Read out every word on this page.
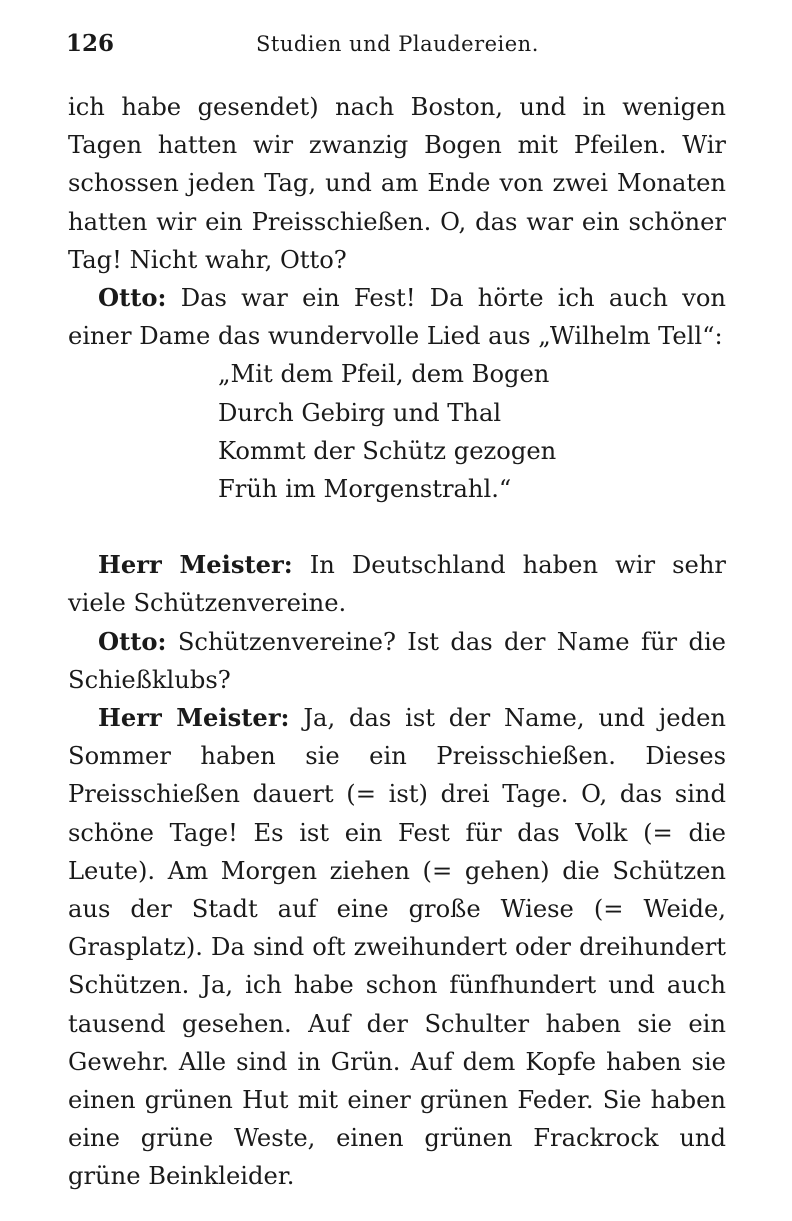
126	Studien und Plaudereien.

ich habe gesendet) nach Boston, und in wenigen Tagen hatten wir zwanzig Bogen mit Pfeilen. Wir schossen jeden Tag, und am Ende von zwei Monaten hatten wir ein Preisschießen. O, das war ein schöner Tag! Nicht wahr, Otto?

Otto: Das war ein Fest! Da hörte ich auch von einer Dame das wundervolle Lied aus „Wilhelm Tell“:

„Mit dem Pfeil, dem Bogen
Durch Gebirg und Thal
Kommt der Schütz gezogen
Früh im Morgenstrahl.“

Herr Meister: In Deutschland haben wir sehr viele Schützenvereine.

Otto: Schützenvereine? Ist das der Name für die Schießklubs?

Herr Meister: Ja, das ist der Name, und jeden Sommer haben sie ein Preisschießen. Dieses Preisschießen dauert (= ist) drei Tage. O, das sind schöne Tage! Es ist ein Fest für das Volk (= die Leute). Am Morgen ziehen (= gehen) die Schützen aus der Stadt auf eine große Wiese (= Weide, Grasplatz). Da sind oft zweihundert oder dreihundert Schützen. Ja, ich habe schon fünfhundert und auch tausend gesehen. Auf der Schulter haben sie ein Gewehr. Alle sind in Grün. Auf dem Kopfe haben sie einen grünen Hut mit einer grünen Feder. Sie haben eine grüne Weste, einen grünen Frackrock und grüne Beinkleider.
